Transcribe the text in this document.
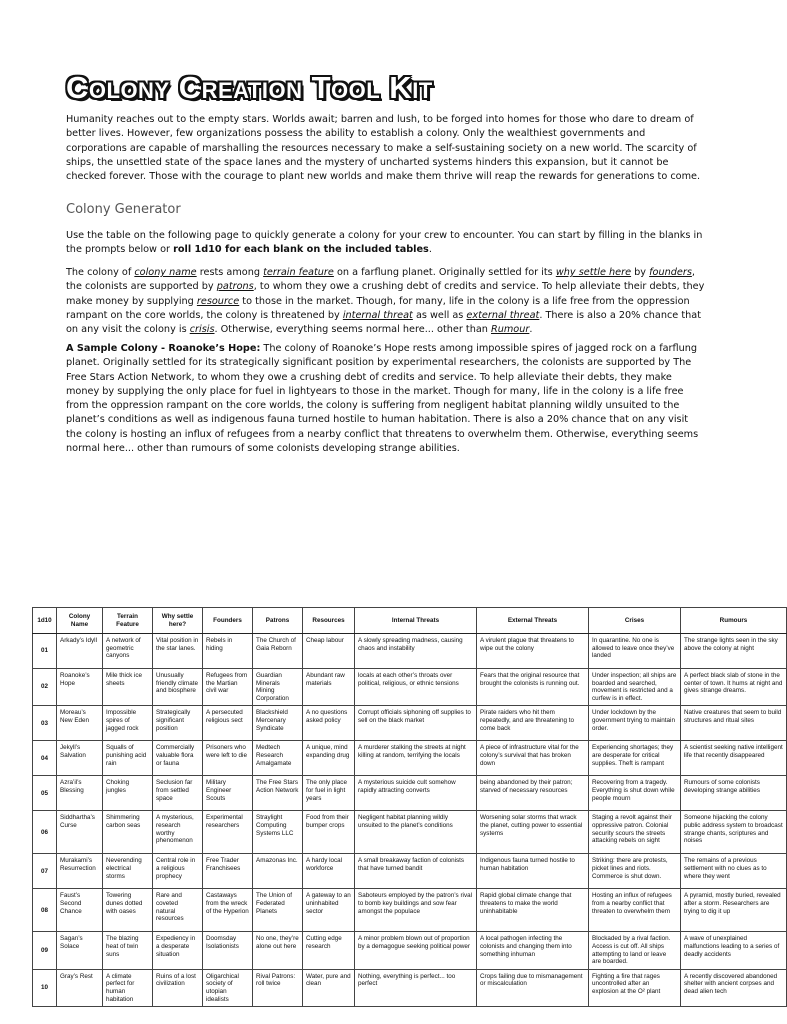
Colony Creation Tool Kit

Humanity reaches out to the empty stars. Worlds await; barren and lush, to be forged into homes for those who dare to dream of better lives. However, few organizations possess the ability to establish a colony. Only the wealthiest governments and corporations are capable of marshalling the resources necessary to make a self-sustaining society on a new world. The scarcity of ships, the unsettled state of the space lanes and the mystery of uncharted systems hinders this expansion, but it cannot be checked forever. Those with the courage to plant new worlds and make them thrive will reap the rewards for generations to come.

Colony Generator

Use the table on the following page to quickly generate a colony for your crew to encounter. You can start by filling in the blanks in the prompts below or roll 1d10 for each blank on the included tables.

The colony of colony name rests among terrain feature on a farflung planet. Originally settled for its why settle here by founders, the colonists are supported by patrons, to whom they owe a crushing debt of credits and service. To help alleviate their debts, they make money by supplying resource to those in the market. Though, for many, life in the colony is a life free from the oppression rampant on the core worlds, the colony is threatened by internal threat as well as external threat. There is also a 20% chance that on any visit the colony is crisis. Otherwise, everything seems normal here... other than Rumour.

A Sample Colony - Roanoke’s Hope: The colony of Roanoke’s Hope rests among impossible spires of jagged rock on a farflung planet. Originally settled for its strategically significant position by experimental researchers, the colonists are supported by The Free Stars Action Network, to whom they owe a crushing debt of credits and service. To help alleviate their debts, they make money by supplying the only place for fuel in lightyears to those in the market. Though for many, life in the colony is a life free from the oppression rampant on the core worlds, the colony is suffering from negligent habitat planning wildly unsuited to the planet’s conditions as well as indigenous fauna turned hostile to human habitation. There is also a 20% chance that on any visit the colony is hosting an influx of refugees from a nearby conflict that threatens to overwhelm them. Otherwise, everything seems normal here... other than rumours of some colonists developing strange abilities.

1d10	Colony Name	Terrain Feature	Why settle here?	Founders	Patrons	Resources	Internal Threats	External Threats	Crises	Rumours
01	Arkady’s Idyll	A network of geometric canyons	Vital position in the star lanes.	Rebels in hiding	The Church of Gaia Reborn	Cheap labour	A slowly spreading madness, causing chaos and instability	A virulent plague that threatens to wipe out the colony	In quarantine. No one is allowed to leave once they’ve landed	The strange lights seen in the sky above the colony at night
02	Roanoke’s Hope	Mile thick ice sheets	Unusually friendly climate and biosphere	Refugees from the Martian civil war	Guardian Minerals Mining Corporation	Abundant raw materials	locals at each other’s throats over political, religious, or ethnic tensions	Fears that the original resource that brought the colonists is running out.	Under inspection; all ships are boarded and searched, movement is restricted and a curfew is in effect.	A perfect black slab of stone in the center of town. It hums at night and gives strange dreams.
03	Moreau’s New Eden	Impossible spires of jagged rock	Strategically significant position	A persecuted religious sect	Blackshield Mercenary Syndicate	A no questions asked policy	Corrupt officials siphoning off supplies to sell on the black market	Pirate raiders who hit them repeatedly, and are threatening to come back	Under lockdown by the government trying to maintain order.	Native creatures that seem to build structures and ritual sites
04	Jekyll’s Salvation	Squalls of punishing acid rain	Commercially valuable flora or fauna	Prisoners who were left to die	Medtech Research Amalgamate	A unique, mind expanding drug	A murderer stalking the streets at night killing at random, terrifying the locals	A piece of infrastructure vital for the colony’s survival that has broken down	Experiencing shortages; they are desperate for critical supplies. Theft is rampant	A scientist seeking native intelligent life that recently disappeared
05	Azra’il’s Blessing	Choking jungles	Seclusion far from settled space	Military Engineer Scouts	The Free Stars Action Network	The only place for fuel in light years	A mysterious suicide cult somehow rapidly attracting converts	being abandoned by their patron; starved of necessary resources	Recovering from a tragedy. Everything is shut down while people mourn	Rumours of some colonists developing strange abilities
06	Siddhartha’s Curse	Shimmering carbon seas	A mysterious, research worthy phenomenon	Experimental researchers	Straylight Computing Systems LLC	Food from their bumper crops	Negligent habitat planning wildly unsuited to the planet’s conditions	Worsening solar storms that wrack the planet, cutting power to essential systems	Staging a revolt against their oppressive patron. Colonial security scours the streets attacking rebels on sight	Someone hijacking the colony public address system to broadcast strange chants, scriptures and noises
07	Murakami’s Resurrection	Neverending electrical storms	Central role in a religious prophecy	Free Trader Franchisees	Amazonas Inc.	A hardy local workforce	A small breakaway faction of colonists that have turned bandit	Indigenous fauna turned hostile to human habitation	Striking: there are protests, picket lines and riots. Commerce is shut down.	The remains of a previous settlement with no clues as to where they went
08	Faust’s Second Chance	Towering dunes dotted with oases	Rare and coveted natural resources	Castaways from the wreck of the Hyperion	The Union of Federated Planets	A gateway to an uninhabited sector	Saboteurs employed by the patron’s rival to bomb key buildings and sow fear amongst the populace	Rapid global climate change that threatens to make the world uninhabitable	Hosting an influx of refugees from a nearby conflict that threaten to overwhelm them	A pyramid, mostly buried, revealed after a storm. Researchers are trying to dig it up
09	Sagan’s Solace	The blazing heat of twin suns	Expediency in a desperate situation	Doomsday Isolationists	No one, they’re alone out here	Cutting edge research	A minor problem blown out of proportion by a demagogue seeking political power	A local pathogen infecting the colonists and changing them into something inhuman	Blockaded by a rival faction. Access is cut off. All ships attempting to land or leave are boarded.	A wave of unexplained malfunctions leading to a series of deadly accidents
10	Gray’s Rest	A climate perfect for human habitation	Ruins of a lost civilization	Oligarchical society of utopian idealists	Rival Patrons: roll twice	Water, pure and clean	Nothing, everything is perfect... too perfect	Crops failing due to mismanagement or miscalculation	Fighting a fire that rages uncontrolled after an explosion at the O² plant	A recently discovered abandoned shelter with ancient corpses and dead alien tech
